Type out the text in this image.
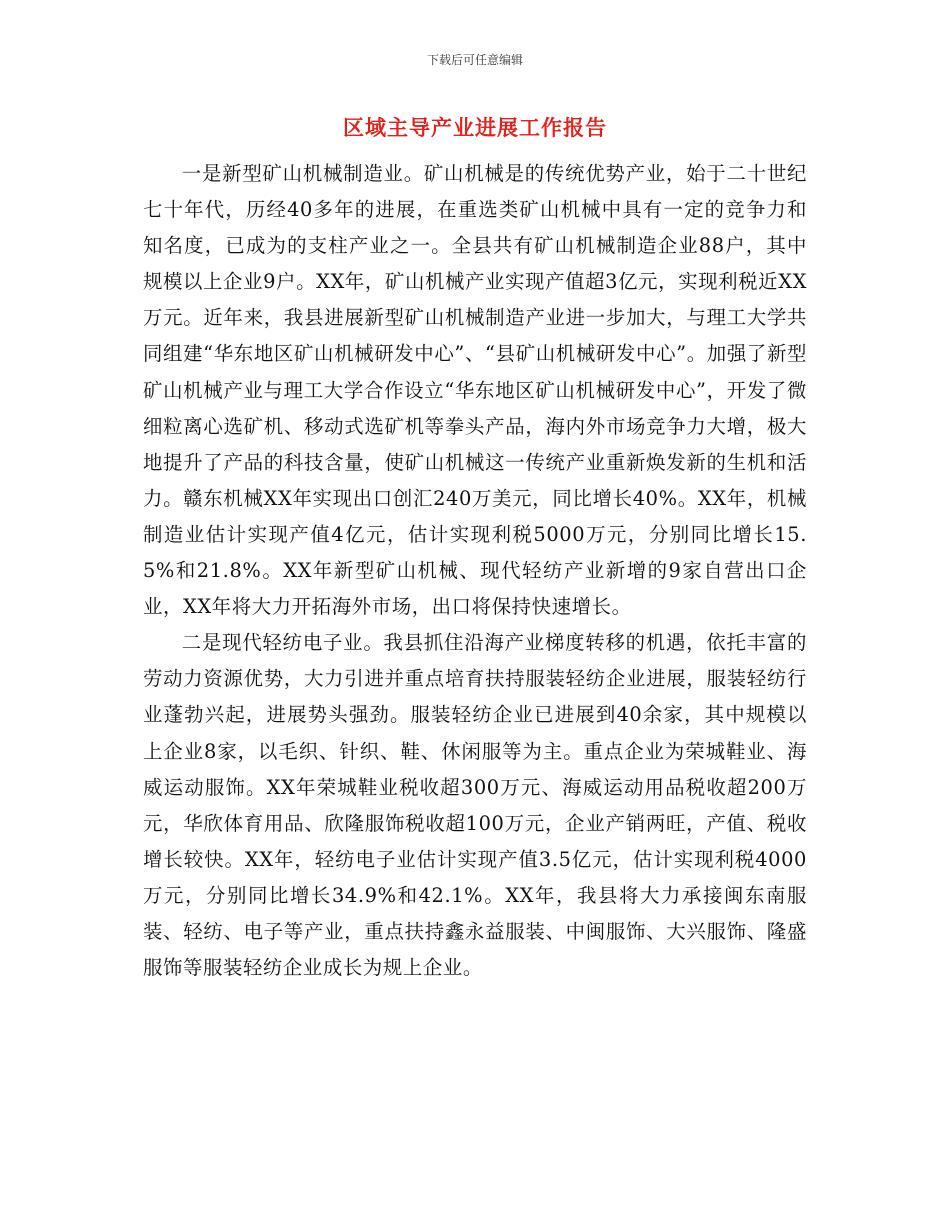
下载后可任意编辑
区域主导产业进展工作报告

一是新型矿山机械制造业。矿山机械是的传统优势产业，始于二十世纪七十年代，历经40多年的进展，在重选类矿山机械中具有一定的竞争力和知名度，已成为的支柱产业之一。全县共有矿山机械制造企业88户，其中规模以上企业9户。XX年，矿山机械产业实现产值超3亿元，实现利税近XX万元。近年来，我县进展新型矿山机械制造产业进一步加大，与理工大学共同组建“华东地区矿山机械研发中心”、“县矿山机械研发中心”。加强了新型矿山机械产业与理工大学合作设立“华东地区矿山机械研发中心”，开发了微细粒离心选矿机、移动式选矿机等拳头产品，海内外市场竞争力大增，极大地提升了产品的科技含量，使矿山机械这一传统产业重新焕发新的生机和活力。赣东机械XX年实现出口创汇240万美元，同比增长40%。XX年，机械制造业估计实现产值4亿元，估计实现利税5000万元，分别同比增长15.5%和21.8%。XX年新型矿山机械、现代轻纺产业新增的9家自营出口企业，XX年将大力开拓海外市场，出口将保持快速增长。

二是现代轻纺电子业。我县抓住沿海产业梯度转移的机遇，依托丰富的劳动力资源优势，大力引进并重点培育扶持服装轻纺企业进展，服装轻纺行业蓬勃兴起，进展势头强劲。服装轻纺企业已进展到40余家，其中规模以上企业8家，以毛织、针织、鞋、休闲服等为主。重点企业为荣城鞋业、海威运动服饰。XX年荣城鞋业税收超300万元、海威运动用品税收超200万元，华欣体育用品、欣隆服饰税收超100万元，企业产销两旺，产值、税收增长较快。XX年，轻纺电子业估计实现产值3.5亿元，估计实现利税4000万元，分别同比增长34.9%和42.1%。XX年，我县将大力承接闽东南服装、轻纺、电子等产业，重点扶持鑫永益服装、中闽服饰、大兴服饰、隆盛服饰等服装轻纺企业成长为规上企业。
